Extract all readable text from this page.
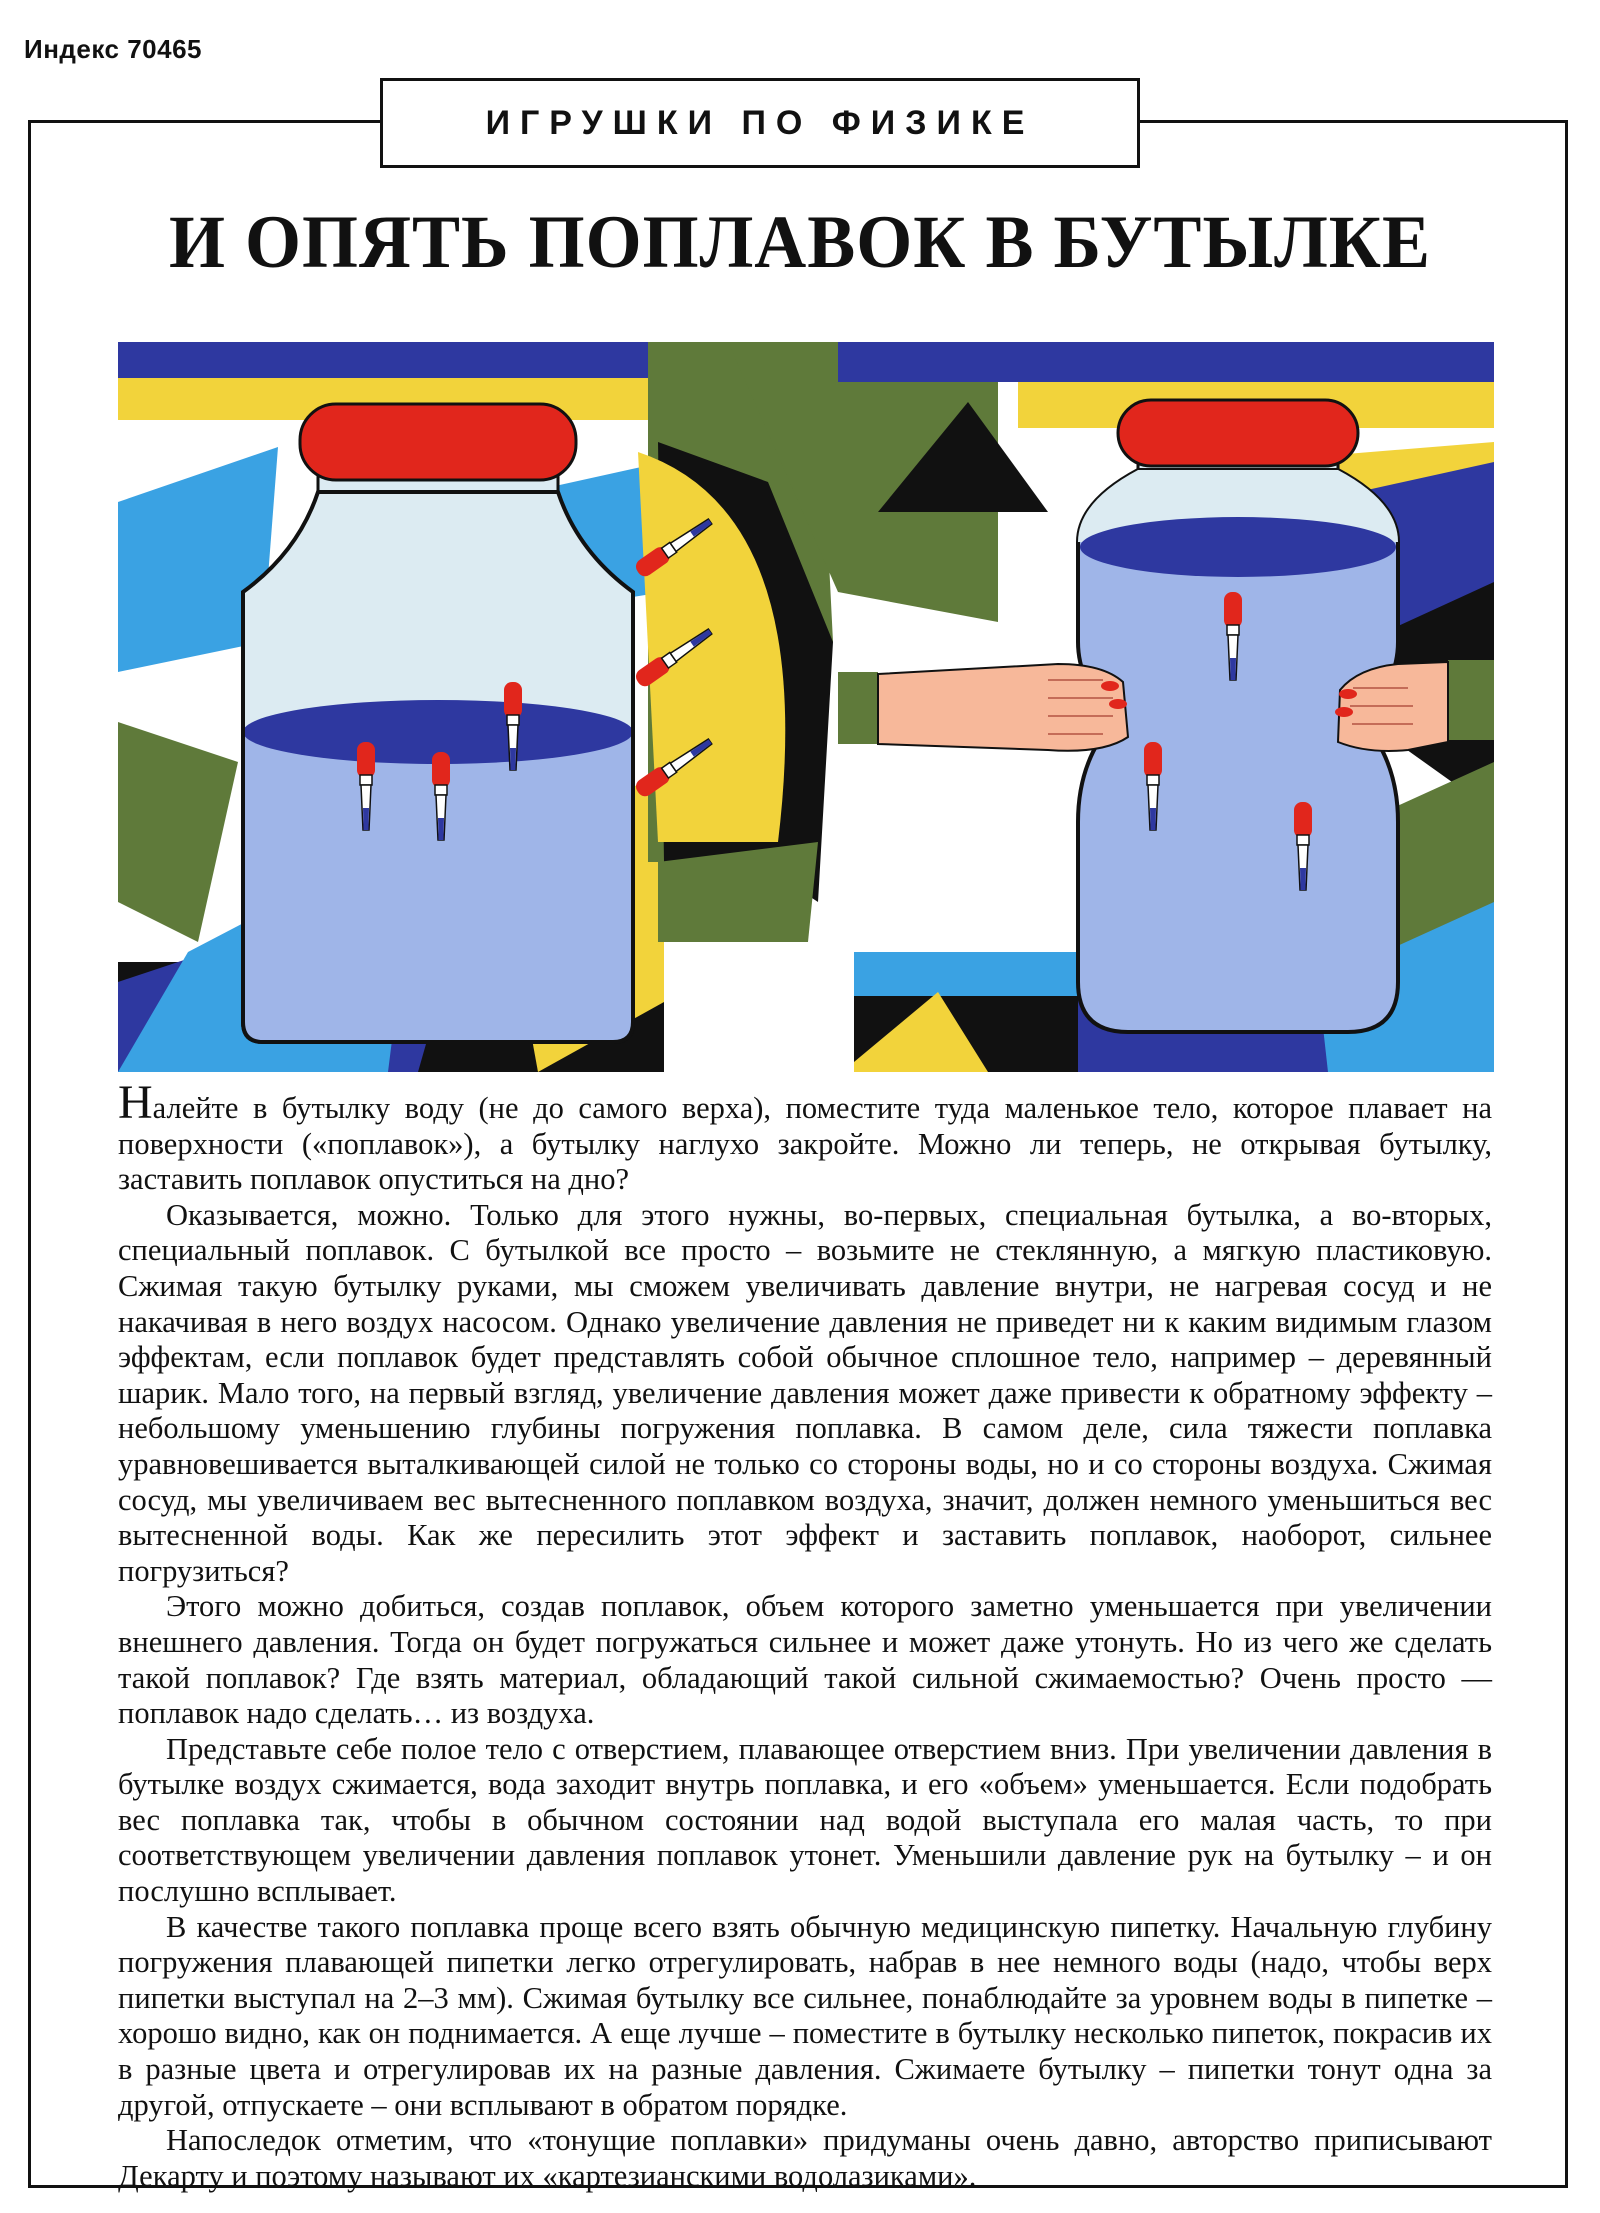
Индекс 70465
ИГРУШКИ ПО ФИЗИКЕ
И ОПЯТЬ ПОПЛАВОК В БУТЫЛКЕ

Налейте в бутылку воду (не до самого верха), поместите туда маленькое тело, которое плавает на поверхности («поплавок»), а бутылку наглухо закройте. Можно ли теперь, не открывая бутылку, заставить поплавок опуститься на дно?

Оказывается, можно. Только для этого нужны, во-первых, специальная бутылка, а во-вторых, специальный поплавок. С бутылкой все просто – возьмите не стеклянную, а мягкую пластиковую. Сжимая такую бутылку руками, мы сможем увеличивать давление внутри, не нагревая сосуд и не накачивая в него воздух насосом. Однако увеличение давления не приведет ни к каким видимым глазом эффектам, если поплавок будет представлять собой обычное сплошное тело, например – деревянный шарик. Мало того, на первый взгляд, увеличение давления может даже привести к обратному эффекту – небольшому уменьшению глубины погружения поплавка. В самом деле, сила тяжести поплавка уравновешивается выталкивающей силой не только со стороны воды, но и со стороны воздуха. Сжимая сосуд, мы увеличиваем вес вытесненного поплавком воздуха, значит, должен немного уменьшиться вес вытесненной воды. Как же пересилить этот эффект и заставить поплавок, наоборот, сильнее погрузиться?

Этого можно добиться, создав поплавок, объем которого заметно уменьшается при увеличении внешнего давления. Тогда он будет погружаться сильнее и может даже утонуть. Но из чего же сделать такой поплавок? Где взять материал, обладающий такой сильной сжимаемостью? Очень просто — поплавок надо сделать… из воздуха.

Представьте себе полое тело с отверстием, плавающее отверстием вниз. При увеличении давления в бутылке воздух сжимается, вода заходит внутрь поплавка, и его «объем» уменьшается. Если подобрать вес поплавка так, чтобы в обычном состоянии над водой выступала его малая часть, то при соответствующем увеличении давления поплавок утонет. Уменьшили давление рук на бутылку – и он послушно всплывает.

В качестве такого поплавка проще всего взять обычную медицинскую пипетку. Начальную глубину погружения плавающей пипетки легко отрегулировать, набрав в нее немного воды (надо, чтобы верх пипетки выступал на 2–3 мм). Сжимая бутылку все сильнее, понаблюдайте за уровнем воды в пипетке – хорошо видно, как он поднимается. А еще лучше – поместите в бутылку несколько пипеток, покрасив их в разные цвета и отрегулировав их на разные давления. Сжимаете бутылку – пипетки тонут одна за другой, отпускаете – они всплывают в обратом порядке.

Напоследок отметим, что «тонущие поплавки» придуманы очень давно, авторство приписывают Декарту и поэтому называют их «картезианскими водолазиками».
